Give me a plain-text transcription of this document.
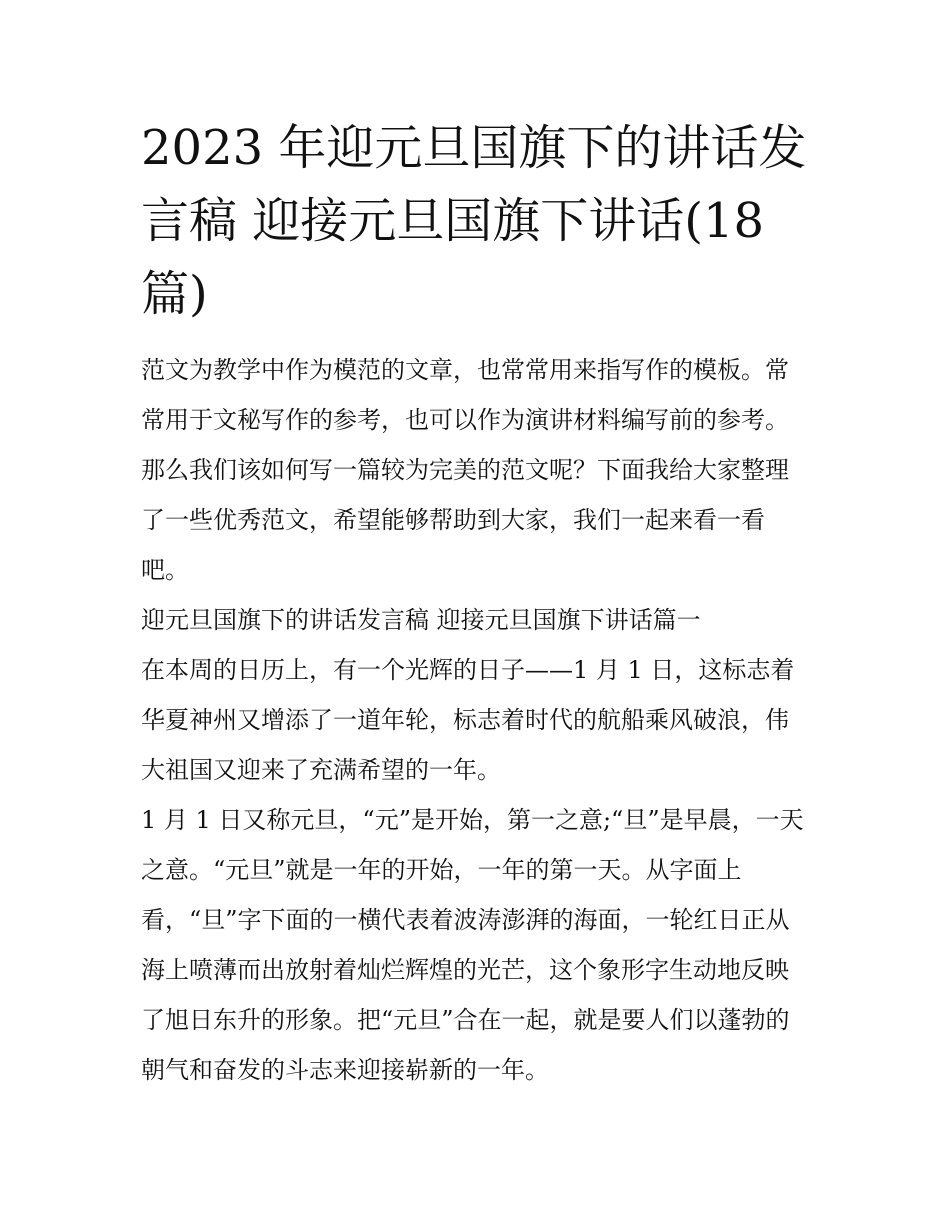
2023 年迎元旦国旗下的讲话发
言稿 迎接元旦国旗下讲话(18
篇)

范文为教学中作为模范的文章，也常常用来指写作的模板。常
常用于文秘写作的参考，也可以作为演讲材料编写前的参考。
那么我们该如何写一篇较为完美的范文呢？下面我给大家整理
了一些优秀范文，希望能够帮助到大家，我们一起来看一看
吧。

迎元旦国旗下的讲话发言稿 迎接元旦国旗下讲话篇一

在本周的日历上，有一个光辉的日子——1 月 1 日，这标志着
华夏神州又增添了一道年轮，标志着时代的航船乘风破浪，伟
大祖国又迎来了充满希望的一年。

1 月 1 日又称元旦，“元”是开始，第一之意;“旦”是早晨，一天
之意。“元旦”就是一年的开始，一年的第一天。从字面上
看，“旦”字下面的一横代表着波涛澎湃的海面，一轮红日正从
海上喷薄而出放射着灿烂辉煌的光芒，这个象形字生动地反映
了旭日东升的形象。把“元旦”合在一起，就是要人们以蓬勃的
朝气和奋发的斗志来迎接崭新的一年。
